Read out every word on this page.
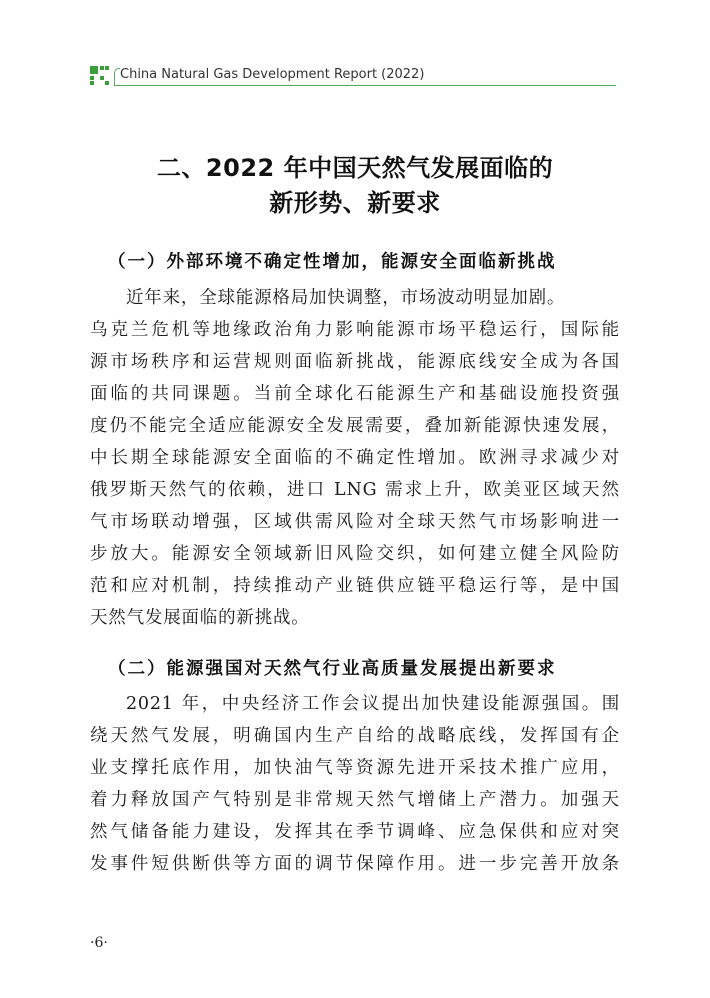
China Natural Gas Development Report (2022)
二、2022 年中国天然气发展面临的
新形势、新要求
（一）外部环境不确定性增加，能源安全面临新挑战
近年来，全球能源格局加快调整，市场波动明显加剧。
乌克兰危机等地缘政治角力影响能源市场平稳运行，国际能
源市场秩序和运营规则面临新挑战，能源底线安全成为各国
面临的共同课题。当前全球化石能源生产和基础设施投资强
度仍不能完全适应能源安全发展需要，叠加新能源快速发展，
中长期全球能源安全面临的不确定性增加。欧洲寻求减少对
俄罗斯天然气的依赖，进口 LNG 需求上升，欧美亚区域天然
气市场联动增强，区域供需风险对全球天然气市场影响进一
步放大。能源安全领域新旧风险交织，如何建立健全风险防
范和应对机制，持续推动产业链供应链平稳运行等，是中国
天然气发展面临的新挑战。
（二）能源强国对天然气行业高质量发展提出新要求
2021 年，中央经济工作会议提出加快建设能源强国。围
绕天然气发展，明确国内生产自给的战略底线，发挥国有企
业支撑托底作用，加快油气等资源先进开采技术推广应用，
着力释放国产气特别是非常规天然气增储上产潜力。加强天
然气储备能力建设，发挥其在季节调峰、应急保供和应对突
发事件短供断供等方面的调节保障作用。进一步完善开放条
·6·
